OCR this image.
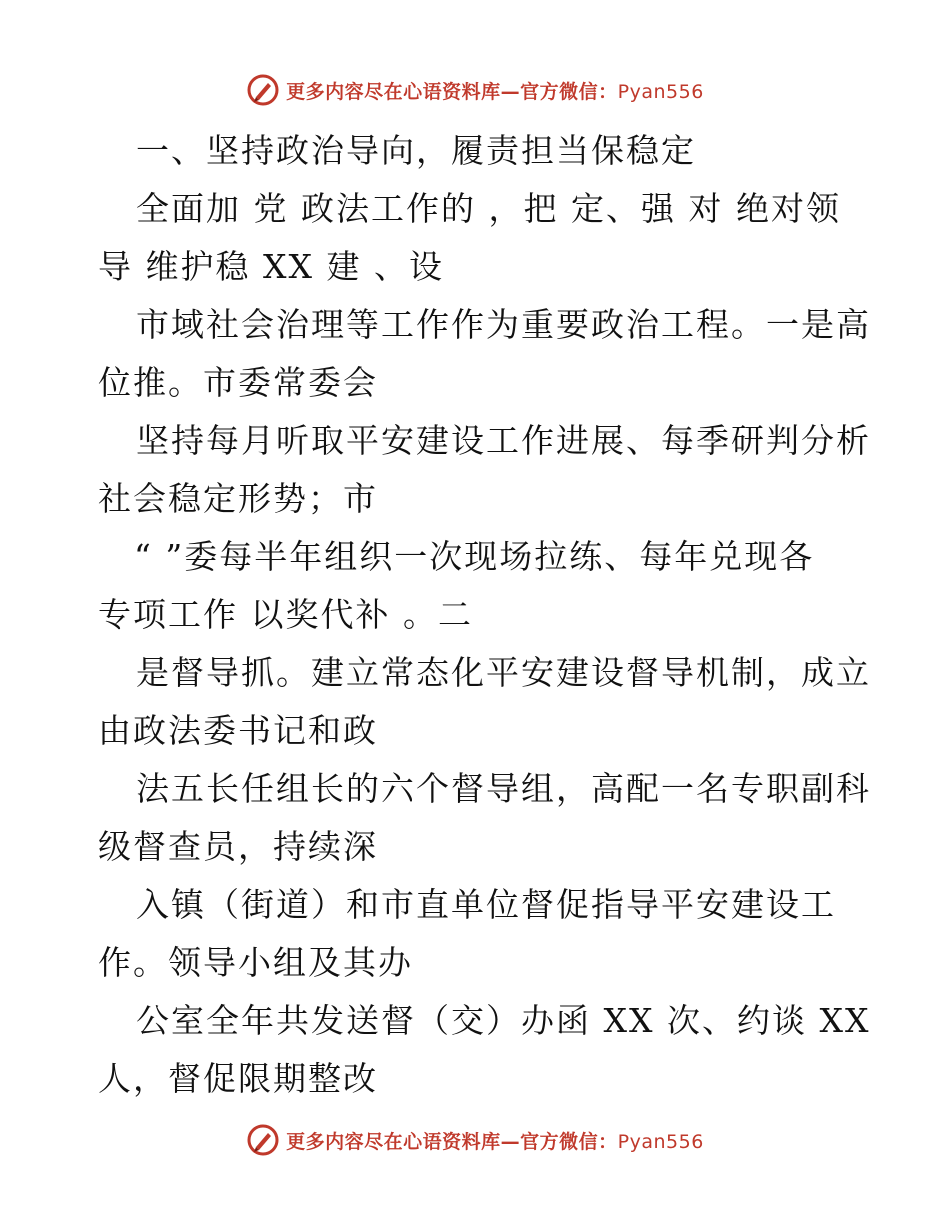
更多内容尽在心语资料库—官方微信：Pyan556
一、坚持政治导向，履责担当保稳定
全面加 党 政法工作的 ，把 定、强 对 绝对领
导 维护稳 XX 建 、设
市域社会治理等工作作为重要政治工程。一是高
位推。市委常委会
坚持每月听取平安建设工作进展、每季研判分析
社会稳定形势；市
“ ”委每半年组织一次现场拉练、每年兑现各
专项工作 以奖代补 。二
是督导抓。建立常态化平安建设督导机制，成立
由政法委书记和政
法五长任组长的六个督导组，高配一名专职副科
级督查员，持续深
入镇（街道）和市直单位督促指导平安建设工
作。领导小组及其办
公室全年共发送督（交）办函 XX 次、约谈 XX
人，督促限期整改
更多内容尽在心语资料库—官方微信：Pyan556
